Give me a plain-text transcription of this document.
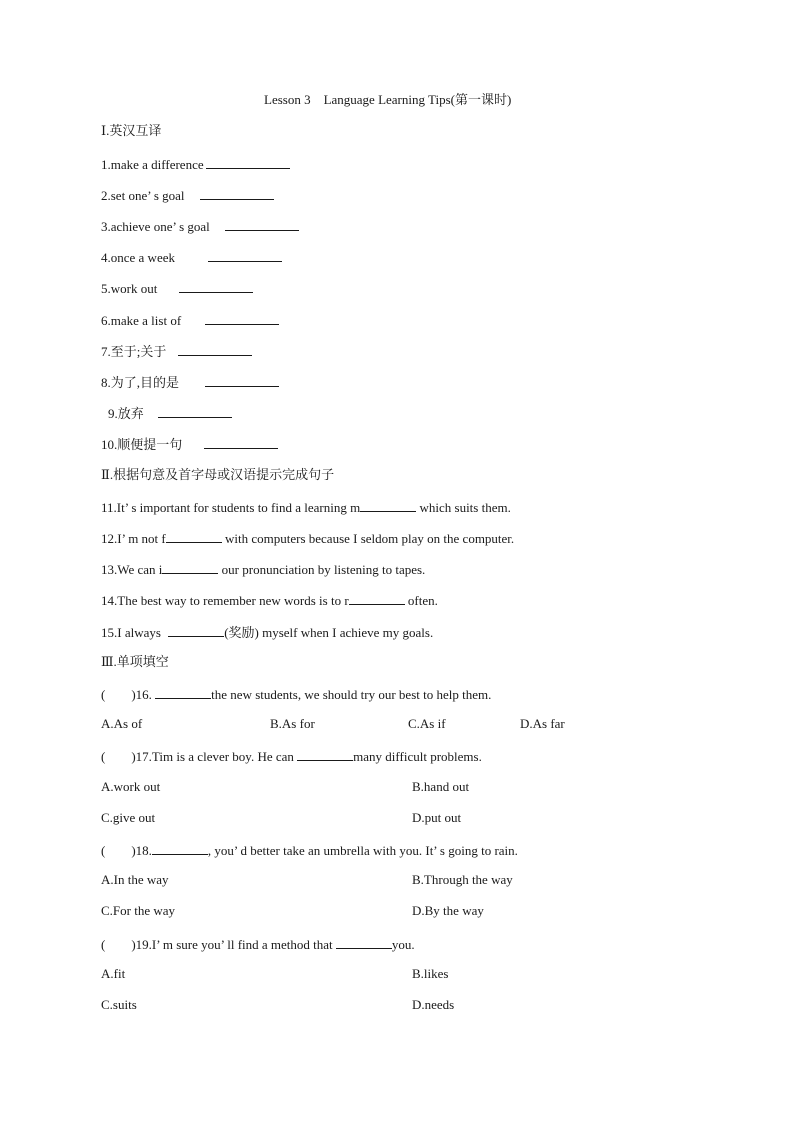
Lesson 3    Language Learning Tips(第一课时)
Ⅰ.英汉互译
1.make a difference
2.set one’ s goal
3.achieve one’ s goal
4.once a week
5.work out
6.make a list of
7.至于;关于
8.为了,目的是
9.放弃
10.顺便提一句
Ⅱ.根据句意及首字母或汉语提示完成句子
11.It’ s important for students to find a learning m	which suits them.
12.I’ m not f	with computers because I seldom play on the computer.
13.We can i	our pronunciation by listening to tapes.
14.The best way to remember new words is to r	often.
15.I always	(奖励) myself when I achieve my goals.
Ⅲ.单项填空
(        )16.	the new students, we should try our best to help them.
A.As of	B.As for	C.As if	D.As far
(        )17.Tim is a clever boy. He can	many difficult problems.
A.work out	B.hand out
C.give out	D.put out
(        )18.	, you’ d better take an umbrella with you. It’ s going to rain.
A.In the way	B.Through the way
C.For the way	D.By the way
(        )19.I’ m sure you’ ll find a method that	you.
A.fit	B.likes
C.suits	D.needs
